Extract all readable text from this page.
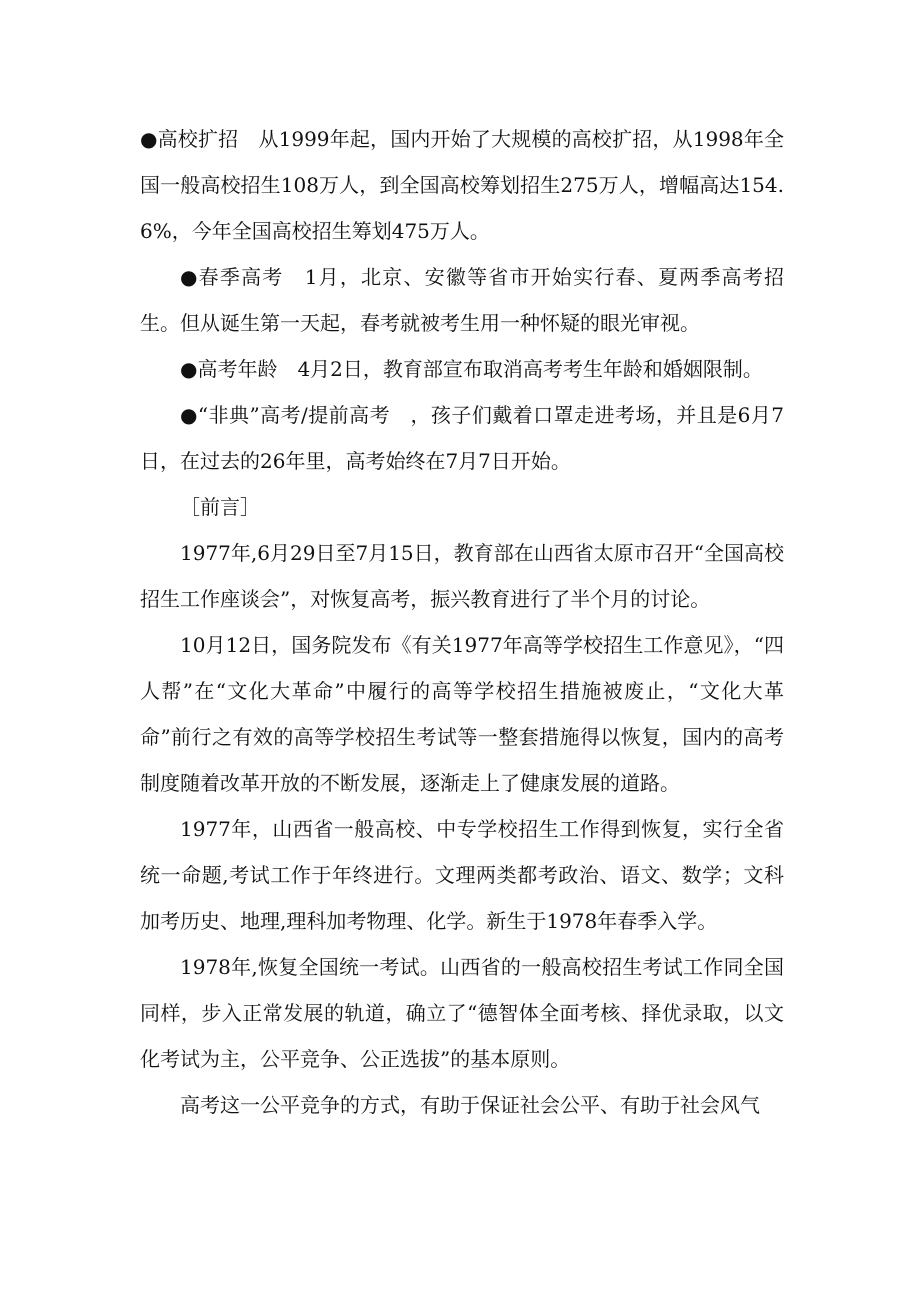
●高校扩招　从1999年起，国内开始了大规模的高校扩招，从1998年全国一般高校招生108万人，到全国高校筹划招生275万人，增幅高达154.6%，今年全国高校招生筹划475万人。

●春季高考　1月，北京、安徽等省市开始实行春、夏两季高考招生。但从诞生第一天起，春考就被考生用一种怀疑的眼光审视。

●高考年龄　4月2日，教育部宣布取消高考考生年龄和婚姻限制。

●“非典”高考/提前高考　，孩子们戴着口罩走进考场，并且是6月7日，在过去的26年里，高考始终在7月7日开始。

［前言］

1977年,6月29日至7月15日，教育部在山西省太原市召开“全国高校招生工作座谈会”，对恢复高考，振兴教育进行了半个月的讨论。

10月12日，国务院发布《有关1977年高等学校招生工作意见》，“四人帮”在“文化大革命”中履行的高等学校招生措施被废止，“文化大革命”前行之有效的高等学校招生考试等一整套措施得以恢复，国内的高考制度随着改革开放的不断发展，逐渐走上了健康发展的道路。

1977年，山西省一般高校、中专学校招生工作得到恢复，实行全省统一命题,考试工作于年终进行。文理两类都考政治、语文、数学；文科加考历史、地理,理科加考物理、化学。新生于1978年春季入学。

1978年,恢复全国统一考试。山西省的一般高校招生考试工作同全国同样，步入正常发展的轨道，确立了“德智体全面考核、择优录取，以文化考试为主，公平竞争、公正选拔”的基本原则。

高考这一公平竞争的方式，有助于保证社会公平、有助于社会风气
